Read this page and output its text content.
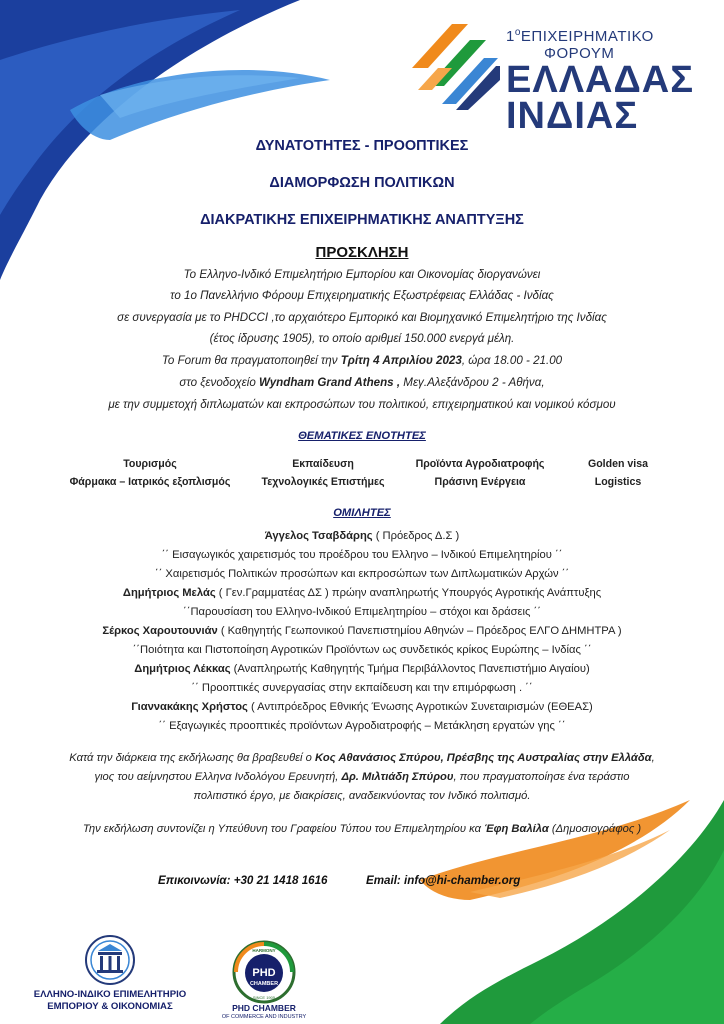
$1^oE\Pi IXEIPHMATIKO$
ΦΟΡΟΥΜ
ΕΛΛΑΔΑΣ
ΙΝΔΙΑΣ
ΔΥΝΑΤΟΤΗΤΕΣ - ΠΡΟΟΠΤΙΚΕΣ
ΔΙΑΜΟΡΦΩΣΗ ΠΟΛΙΤΙΚΩΝ
ΔΙΑΚΡΑΤΙΚΗΣ ΕΠΙΧΕΙΡΗΜΑΤΙΚΗΣ ΑΝΑΠΤΥΞΗΣ
ΠΡΟΣΚΛΗΣΗ
Το Ελληνο-Ινδικό Επιμελητήριο Εμπορίου και Οικονομίας διοργανώνει
το 1ο Πανελλήνιο Φόρουμ Επιχειρηματικής Εξωστρέφειας Ελλάδας - Ινδίας
σε συνεργασία με το PHDCCI ,το αρχαιότερο Εμπορικό και Βιομηχανικό Επιμελητήριο της Ινδίας
(έτος ίδρυσης 1905), το οποίο αριθμεί 150.000 ενεργά μέλη.
Το Forum θα πραγματοποιηθεί την Τρίτη 4 Απριλίου 2023, ώρα 18.00 - 21.00
στο ξενοδοχείο Wyndham Grand Athens , Μεγ.Αλεξάνδρου 2 - Αθήνα,
με την συμμετοχή διπλωματών και εκπροσώπων του πολιτικού, επιχειρηματικού και νομικού κόσμου
ΘΕΜΑΤΙΚΕΣ ΕΝΟΤΗΤΕΣ
Τουρισμός
Φάρμακα – Ιατρικός εξοπλισμός
Εκπαίδευση
Τεχνολογικές Επιστήμες
Προϊόντα Αγροδιατροφής
Πράσινη Ενέργεια
Golden visa
Logistics
ΟΜΙΛΗΤΕΣ
Άγγελος Τσαβδάρης ( Πρόεδρος Δ.Σ )
΄΄ Εισαγωγικός χαιρετισμός του προέδρου του Ελληνο – Ινδικού Επιμελητηρίου ΄΄
΄΄ Χαιρετισμός Πολιτικών προσώπων και εκπροσώπων των Διπλωματικών Αρχών ΄΄
Δημήτριος Μελάς ( Γεν.Γραμματέας ΔΣ ) πρώην αναπληρωτής Υπουργός Αγροτικής Ανάπτυξης
΄΄Παρουσίαση του Ελληνο-Ινδικού Επιμελητηρίου – στόχοι και δράσεις ΄΄
Σέρκος Χαρουτουνιάν ( Καθηγητής Γεωπονικού Πανεπιστημίου Αθηνών – Πρόεδρος ΕΛΓΟ ΔΗΜΗΤΡΑ )
΄΄Ποιότητα και Πιστοποίηση Αγροτικών Προϊόντων ως συνδετικός κρίκος Ευρώπης – Ινδίας ΄΄
Δημήτριος Λέκκας (Αναπληρωτής Καθηγητής Τμήμα Περιβάλλοντος Πανεπιστήμιο Αιγαίου)
΄΄ Προοπτικές συνεργασίας στην εκπαίδευση και την επιμόρφωση . ΄΄
Γιαννακάκης Χρήστος ( Αντιπρόεδρος Εθνικής Ένωσης Αγροτικών Συνεταιρισμών (ΕΘΕΑΣ)
΄΄ Εξαγωγικές προοπτικές προϊόντων Αγροδιατροφής – Μετάκληση εργατών γης ΄΄
Κατά την διάρκεια της εκδήλωσης θα βραβευθεί ο Κος Αθανάσιος Σπύρου, Πρέσβης της Αυστραλίας στην Ελλάδα,
γιος του αείμνηστου Ελληνα Ινδολόγου Ερευνητή, Δρ. Μιλτιάδη Σπύρου, που πραγματοποίησε ένα τεράστιο
πολιτιστικό έργο, με διακρίσεις, αναδεικνύοντας τον Ινδικό πολιτισμό.
Την εκδήλωση συντονίζει η Υπεύθυνη του Γραφείου Τύπου του Επιμελητηρίου κα Έφη Βαλίλα (Δημοσιογράφος )
Επικοινωνία: +30 21 1418 1616	Email: info@hi-chamber.org
ΕΛΛΗΝΟ-ΙΝΔΙΚΟ ΕΠΙΜΕΛΗΤΗΡΙΟ
ΕΜΠΟΡΙΟΥ & ΟΙΚΟΝΟΜΙΑΣ
PHD
CHAMBER
HARMONY
SINCE 1905
PHD CHAMBER
OF COMMERCE AND INDUSTRY
